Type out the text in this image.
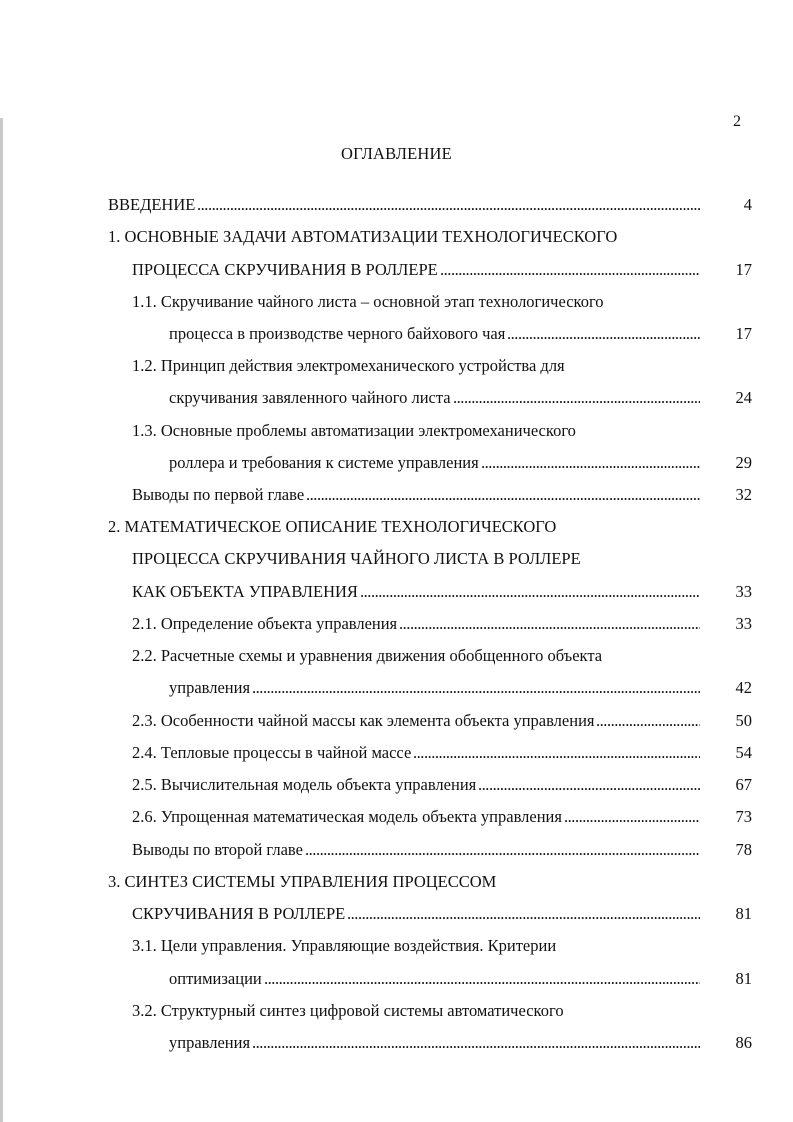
2
ОГЛАВЛЕНИЕ
ВВЕДЕНИЕ . . .	4
1. ОСНОВНЫЕ ЗАДАЧИ АВТОМАТИЗАЦИИ ТЕХНОЛОГИЧЕСКОГО
ПРОЦЕССА СКРУЧИВАНИЯ В РОЛЛЕРЕ . . .	17
1.1. Скручивание чайного листа – основной этап технологического
процесса в производстве черного байхового чая . . .	17
1.2. Принцип действия электромеханического устройства для
скручивания завяленного чайного листа . . .	24
1.3. Основные проблемы автоматизации электромеханического
роллера и требования к системе управления . . .	29
Выводы по первой главе . . .	32
2. МАТЕМАТИЧЕСКОЕ ОПИСАНИЕ ТЕХНОЛОГИЧЕСКОГО
ПРОЦЕССА СКРУЧИВАНИЯ ЧАЙНОГО ЛИСТА В РОЛЛЕРЕ
КАК ОБЪЕКТА УПРАВЛЕНИЯ . . .	33
2.1. Определение объекта управления . . .	33
2.2. Расчетные схемы и уравнения движения обобщенного объекта
управления . . .	42
2.3. Особенности чайной массы как элемента объекта управления . . .	50
2.4. Тепловые процессы в чайной массе . . .	54
2.5. Вычислительная модель объекта управления . . .	67
2.6. Упрощенная математическая модель объекта управления . . .	73
Выводы по второй главе . . .	78
3. СИНТЕЗ СИСТЕМЫ УПРАВЛЕНИЯ ПРОЦЕССОМ
СКРУЧИВАНИЯ В РОЛЛЕРЕ . . .	81
3.1. Цели управления. Управляющие воздействия. Критерии
оптимизации . . .	81
3.2. Структурный синтез цифровой системы автоматического
управления . . .	86
